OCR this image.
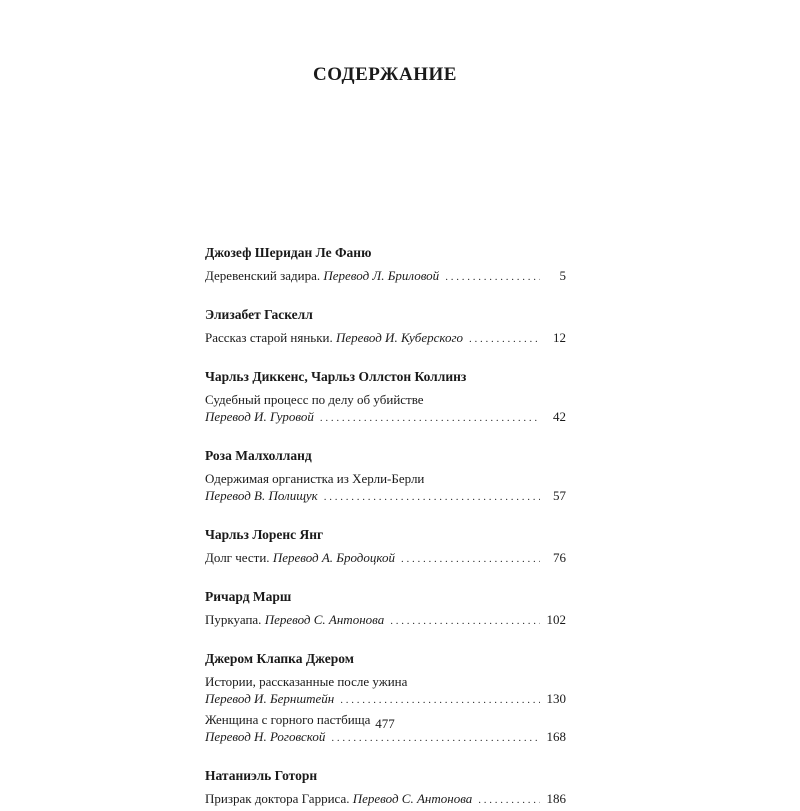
СОДЕРЖАНИЕ
Джозеф Шеридан Ле Фаню
Деревенский задира.
Перевод Л. Бриловой . . .	5
Элизабет Гаскелл
Рассказ старой няньки.
Перевод И. Куберского . . .	12
Чарльз Диккенс, Чарльз Оллстон Коллинз
Судебный процесс по делу об убийстве
Перевод И. Гуровой . . .	42
Роза Малхолланд
Одержимая органистка из Херли-Берли
Перевод В. Полищук . . .	57
Чарльз Лоренс Янг
Долг чести.
Перевод А. Бродоцкой . . .	76
Ричард Марш
Пуркуапа.
Перевод С. Антонова . . .	102
Джером Клапка Джером
Истории, рассказанные после ужина
Перевод И. Бернштейн . . .	130
Женщина с горного пастбища
Перевод Н. Роговской . . .	168
Натаниэль Готорн
Призрак доктора Гарриса.
Перевод С. Антонова . . .	186
477
